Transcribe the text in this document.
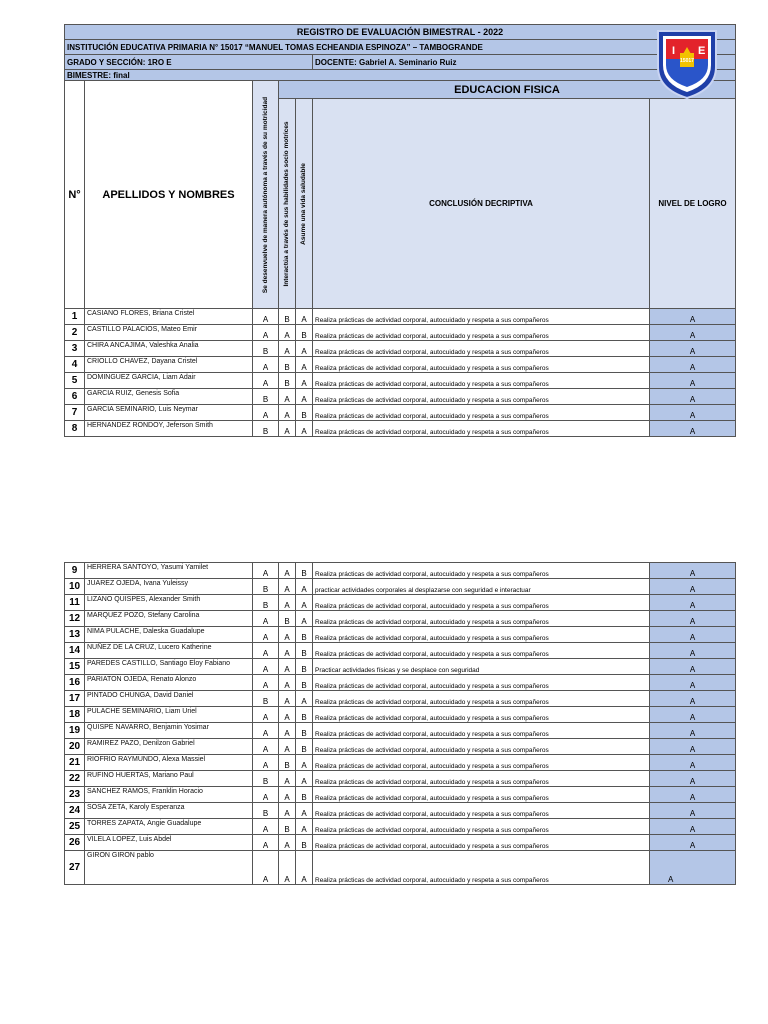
REGISTRO DE EVALUACIÓN BIMESTRAL - 2022						
INSTITUCIÓN EDUCATIVA PRIMARIA N° 15017 “MANUEL TOMAS ECHEANDIA ESPINOZA” – TAMBOGRANDE						
GRADO Y SECCIÓN: 1RO E					DOCENTE: Gabriel A. Seminario Ruiz	
BIMESTRE: final						
N°	APELLIDOS Y NOMBRES	Se desenvuelve de manera autónoma a través de su motricidad	EDUCACION FISICA			

			Interactúa a través de sus habilidades socio motrices	Asume una vida saludable	CONCLUSIÓN DECRIPTIVA	NIVEL DE LOGRO
1	CASIANO FLORES, Briana Cristel	A	B	A	Realiza prácticas de actividad corporal, autocuidado y respeta a sus compañeros	A
2	CASTILLO PALACIOS, Mateo Emir	A	A	B	Realiza prácticas de actividad corporal, autocuidado y respeta a sus compañeros	A
3	CHIRA ANCAJIMA, Valeshka Analia	B	A	A	Realiza prácticas de actividad corporal, autocuidado y respeta a sus compañeros	A
4	CRIOLLO CHAVEZ, Dayana Cristel	A	B	A	Realiza prácticas de actividad corporal, autocuidado y respeta a sus compañeros	A
5	DOMINGUEZ GARCIA, Liam Adair	A	B	A	Realiza prácticas de actividad corporal, autocuidado y respeta a sus compañeros	A
6	GARCIA RUIZ, Genesis Sofia	B	A	A	Realiza prácticas de actividad corporal, autocuidado y respeta a sus compañeros	A
7	GARCIA SEMINARIO, Luis Neymar	A	A	B	Realiza prácticas de actividad corporal, autocuidado y respeta a sus compañeros	A
8	HERNANDEZ RONDOY, Jeferson Smith	B	A	A	Realiza prácticas de actividad corporal, autocuidado y respeta a sus compañeros	A
I E
15017
9	HERRERA SANTOYO, Yasumi Yamilet	A	A	B	Realiza prácticas de actividad corporal, autocuidado y respeta a sus compañeros	A
10	JUAREZ OJEDA, Ivana Yuleissy	B	A	A	practicar actividades corporales al desplazarse con seguridad e interactuar	A
11	LIZANO QUISPES, Alexander Smith	B	A	A	Realiza prácticas de actividad corporal, autocuidado y respeta a sus compañeros	A
12	MARQUEZ POZO, Stefany Carolina	A	B	A	Realiza prácticas de actividad corporal, autocuidado y respeta a sus compañeros	A
13	NIMA PULACHE, Daleska Guadalupe	A	A	B	Realiza prácticas de actividad corporal, autocuidado y respeta a sus compañeros	A
14	NUÑEZ DE LA CRUZ, Lucero Katherine	A	A	B	Realiza prácticas de actividad corporal, autocuidado y respeta a sus compañeros	A
15	PAREDES CASTILLO, Santiago Eloy Fabiano	A	A	B	Practicar actividades físicas y se desplace con seguridad	A
16	PARIATON OJEDA, Renato Alonzo	A	A	B	Realiza prácticas de actividad corporal, autocuidado y respeta a sus compañeros	A
17	PINTADO CHUNGA, David Daniel	B	A	A	Realiza prácticas de actividad corporal, autocuidado y respeta a sus compañeros	A
18	PULACHE SEMINARIO, Liam Uriel	A	A	B	Realiza prácticas de actividad corporal, autocuidado y respeta a sus compañeros	A
19	QUISPE NAVARRO, Benjamin Yosimar	A	A	B	Realiza prácticas de actividad corporal, autocuidado y respeta a sus compañeros	A
20	RAMIREZ PAZO, Denilzon Gabriel	A	A	B	Realiza prácticas de actividad corporal, autocuidado y respeta a sus compañeros	A
21	RIOFRIO RAYMUNDO, Alexa Massiel	A	B	A	Realiza prácticas de actividad corporal, autocuidado y respeta a sus compañeros	A
22	RUFINO HUERTAS, Mariano Paul	B	A	A	Realiza prácticas de actividad corporal, autocuidado y respeta a sus compañeros	A
23	SANCHEZ RAMOS, Franklin Horacio	A	A	B	Realiza prácticas de actividad corporal, autocuidado y respeta a sus compañeros	A
24	SOSA ZETA, Karoly Esperanza	B	A	A	Realiza prácticas de actividad corporal, autocuidado y respeta a sus compañeros	A
25	TORRES ZAPATA, Angie Guadalupe	A	B	A	Realiza prácticas de actividad corporal, autocuidado y respeta a sus compañeros	A
26	VILELA LOPEZ, Luis Abdel	A	A	B	Realiza prácticas de actividad corporal, autocuidado y respeta a sus compañeros	A
27	GIRON GIRON pablo	A	A	A	Realiza prácticas de actividad corporal, autocuidado y respeta a sus compañeros	A
